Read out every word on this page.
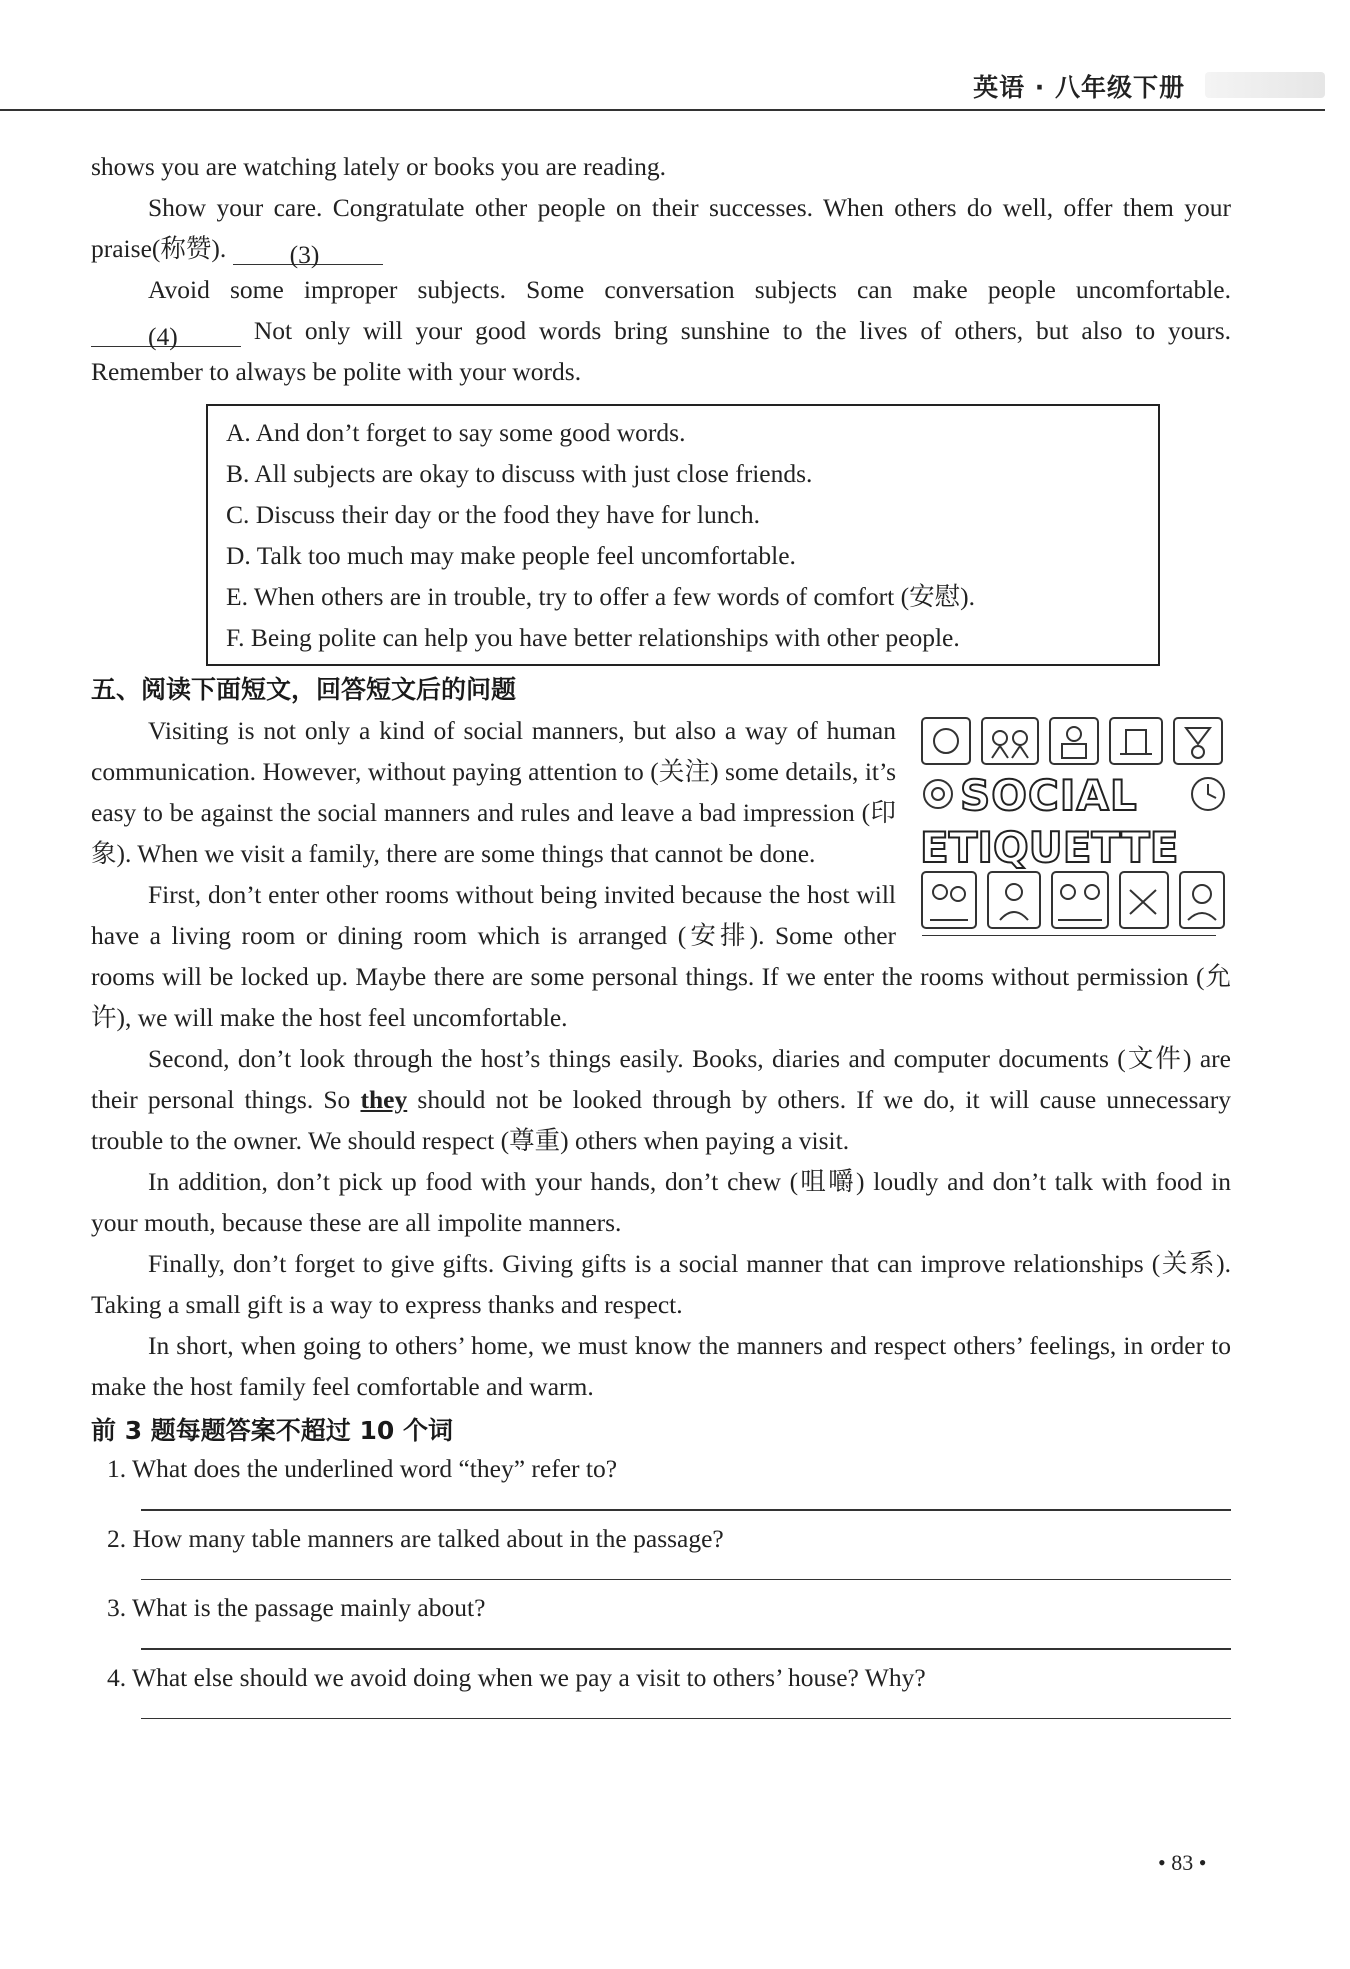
英语 · 八年级下册

shows you are watching lately or books you are reading.

Show your care. Congratulate other people on their successes. When others do well, offer them your praise(称赞). (3)

Avoid some improper subjects. Some conversation subjects can make people uncomfortable. (4) Not only will your good words bring sunshine to the lives of others, but also to yours. Remember to always be polite with your words.

A. And don’t forget to say some good words.

B. All subjects are okay to discuss with just close friends.

C. Discuss their day or the food they have for lunch.

D. Talk too much may make people feel uncomfortable.

E. When others are in trouble, try to offer a few words of comfort (安慰).

F. Being polite can help you have better relationships with other people.

五、阅读下面短文，回答短文后的问题

SOCIAL
ETIQUETTE

Visiting is not only a kind of social manners, but also a way of human communication. However, without paying attention to (关注) some details, it’s easy to be against the social manners and rules and leave a bad impression (印象). When we visit a family, there are some things that cannot be done.

First, don’t enter other rooms without being invited because the host will have a living room or dining room which is arranged (安排). Some other rooms will be locked up. Maybe there are some personal things. If we enter the rooms without permission (允许), we will make the host feel uncomfortable.

Second, don’t look through the host’s things easily. Books, diaries and computer documents (文件) are their personal things. So they should not be looked through by others. If we do, it will cause unnecessary trouble to the owner. We should respect (尊重) others when paying a visit.

In addition, don’t pick up food with your hands, don’t chew (咀嚼) loudly and don’t talk with food in your mouth, because these are all impolite manners.

Finally, don’t forget to give gifts. Giving gifts is a social manner that can improve relationships (关系). Taking a small gift is a way to express thanks and respect.

In short, when going to others’ home, we must know the manners and respect others’ feelings, in order to make the host family feel comfortable and warm.

前 3 题每题答案不超过 10 个词

1. What does the underlined word “they” refer to?

2. How many table manners are talked about in the passage?

3. What is the passage mainly about?

4. What else should we avoid doing when we pay a visit to others’ house? Why?

• 83 •
